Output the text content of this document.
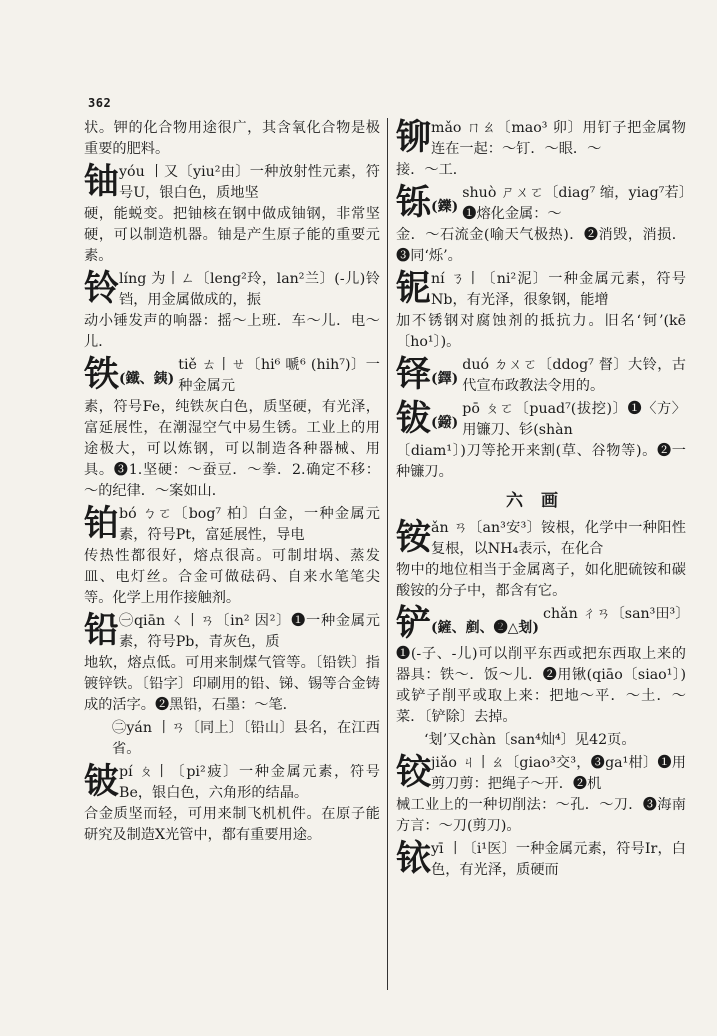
362
状。钾的化合物用途很广，其含氧化合物是极重要的肥料。
铀 yóu 丨又〔yiu²由〕一种放射性元素，符号U，银白色，质地坚
硬，能蜕变。把铀核在钢中做成铀钢，非常坚硬，可以制造机器。铀是产生原子能的重要元素。
铃 líng 为丨ㄥ〔leng²玲，lan²兰〕(-儿)铃铛，用金属做成的，振
动小锤发声的响器：摇～上班．车～儿．电～儿．
铁 (鐵、銕)
tiě ㄊ丨ㄝ〔hi⁶ 嗁⁶ (hih⁷)〕一种金属元
素，符号Fe，纯铁灰白色，质坚硬，有光泽，富延展性，在潮湿空气中易生锈。工业上的用途极大，可以炼钢，可以制造各种器械、用具。❸1.坚硬：～蚕豆．～拳．2.确定不移：～的纪律．～案如山．
铂 bó ㄅㄛ〔bog⁷ 柏〕白金，一种金属元素，符号Pt，富延展性，导电
传热性都很好，熔点很高。可制坩埚、蒸发皿、电灯丝。合金可做砝码、自来水笔笔尖等。化学上用作接触剂。
铅 ㊀qiān ㄑ丨ㄢ〔in² 因²〕❶一种金属元素，符号Pb，青灰色，质
地软，熔点低。可用来制煤气管等。〔铅铁〕指镀锌铁。〔铅字〕印刷用的铅、锑、锡等合金铸成的活字。❷黑铅，石墨：～笔．
㊁yán 丨ㄢ〔同上〕〔铅山〕县名，在江西省。
铍 pí ㄆ丨〔pi²疲〕一种金属元素，符号Be，银白色，六角形的结晶。
合金质坚而轻，可用来制飞机机件。在原子能研究及制造X光管中，都有重要用途。
铆 mǎo ㄇㄠ〔mao³ 卯〕用钉子把金属物连在一起：～钉．～眼．～
接．～工．
铄 (鑠)
shuò ㄕㄨㄛ〔diag⁷ 缩，yiag⁷若〕❶熔化金属：～
金．～石流金(喻天气极热)．❷消毁，消损．❸同‘烁’。
铌 ní ㄋ丨〔ni²泥〕一种金属元素，符号Nb，有光泽，很象钢，能增
加不锈钢对腐蚀剂的抵抗力。旧名‘钶’(kē〔ho¹〕)。
铎 (鐸)
duó ㄉㄨㄛ〔ddog⁷ 督〕大铃，古代宣布政教法令用的。
钹 (鏺)
pō ㄆㄛ〔puad⁷(拔挖)〕❶〈方〉用镰刀、钐(shàn
〔diam¹〕)刀等抡开来割(草、谷物等)。❷一种镰刀。
六画
铵 ǎn ㄢ〔an³安³〕铵根，化学中一种阳性复根，以NH₄表示，在化合
物中的地位相当于金属离子，如化肥硫铵和碳酸铵的分子中，都含有它。
铲 (鏟、剷、❷△刬)
chǎn ㄔㄢ〔san³田³〕
❶(-子、-儿)可以削平东西或把东西取上来的器具：铁～．饭～儿．❷用锹(qiāo〔siao¹〕)或铲子削平或取上来：把地～平．～土．～菜．〔铲除〕去掉。
‘刬’又chàn〔san⁴灿⁴〕见42页。
铰 jiǎo ㄐ丨ㄠ〔giao³交³，❸ga¹柑〕❶用剪刀剪：把绳子～开．❷机
械工业上的一种切削法：～孔．～刀．❸海南方言：～刀(剪刀)。
铱 yī 丨〔i¹医〕一种金属元素，符号Ir，白色，有光泽，质硬而
